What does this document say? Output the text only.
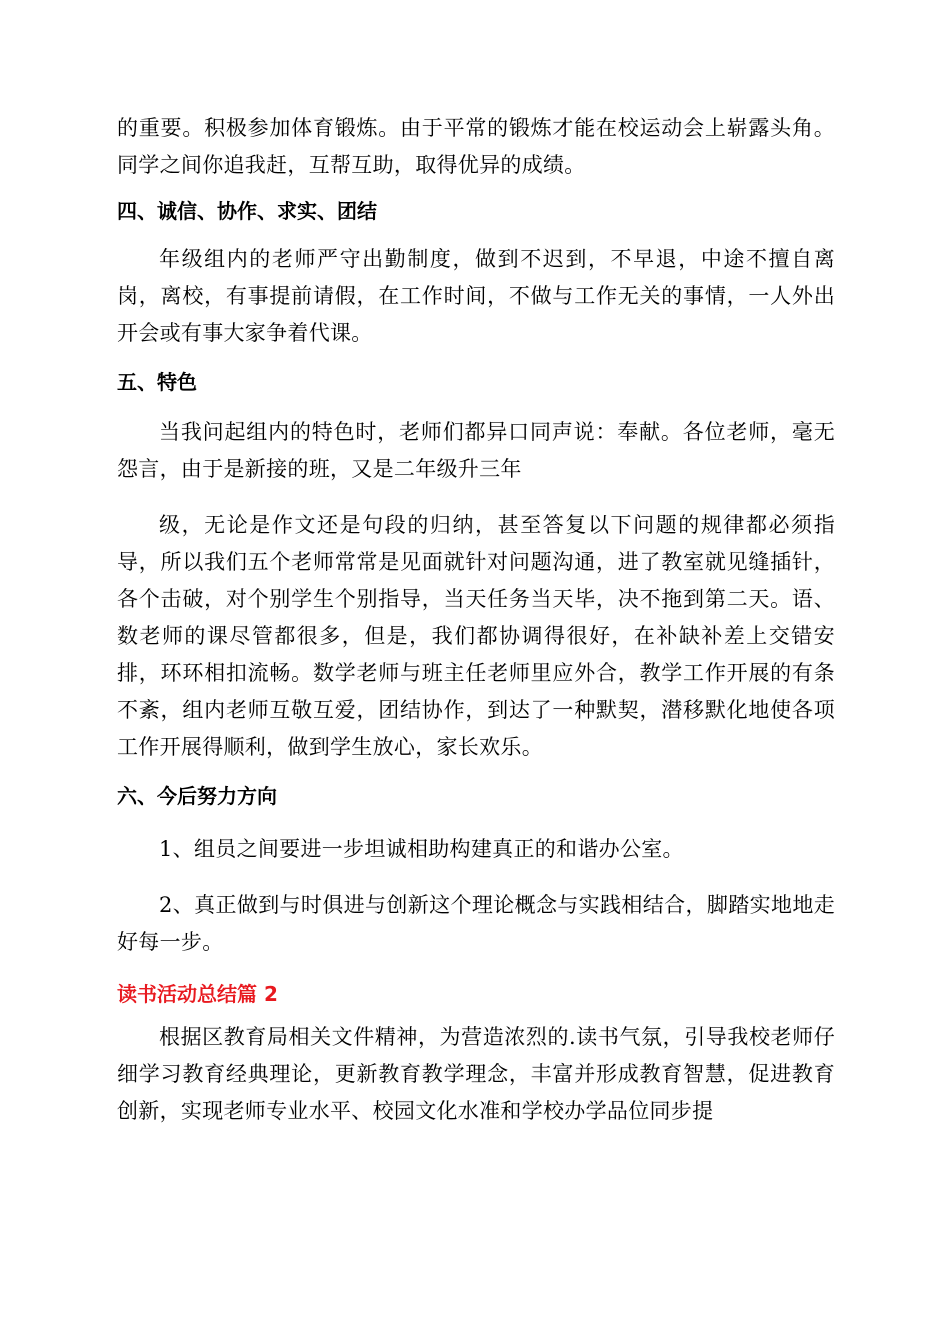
的重要。积极参加体育锻炼。由于平常的锻炼才能在校运动会上崭露头角。同学之间你追我赶，互帮互助，取得优异的成绩。

四、诚信、协作、求实、团结

年级组内的老师严守出勤制度，做到不迟到，不早退，中途不擅自离岗，离校，有事提前请假，在工作时间，不做与工作无关的事情，一人外出开会或有事大家争着代课。

五、特色

当我问起组内的特色时，老师们都异口同声说：奉献。各位老师，毫无怨言，由于是新接的班，又是二年级升三年

级，无论是作文还是句段的归纳，甚至答复以下问题的规律都必须指导，所以我们五个老师常常是见面就针对问题沟通，进了教室就见缝插针，各个击破，对个别学生个别指导，当天任务当天毕，决不拖到第二天。语、数老师的课尽管都很多，但是，我们都协调得很好，在补缺补差上交错安排，环环相扣流畅。数学老师与班主任老师里应外合，教学工作开展的有条不紊，组内老师互敬互爱，团结协作，到达了一种默契，潜移默化地使各项工作开展得顺利，做到学生放心，家长欢乐。

六、今后努力方向

1、组员之间要进一步坦诚相助构建真正的和谐办公室。

2、真正做到与时俱进与创新这个理论概念与实践相结合，脚踏实地地走好每一步。

读书活动总结篇 2

根据区教育局相关文件精神，为营造浓烈的.读书气氛，引导我校老师仔细学习教育经典理论，更新教育教学理念，丰富并形成教育智慧，促进教育创新，实现老师专业水平、校园文化水准和学校办学品位同步提
